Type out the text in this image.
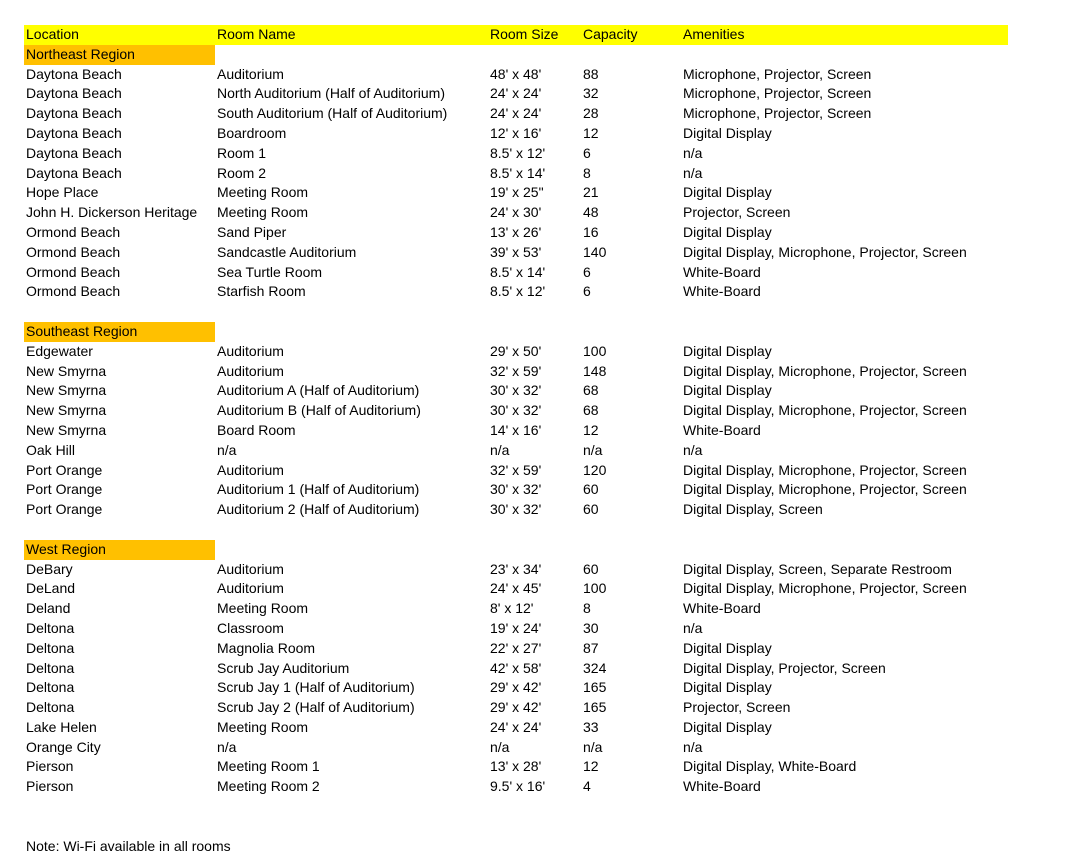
Location	Room Name	Room Size	Capacity	Amenities
Northeast Region
Daytona Beach	Auditorium	48' x 48'	88	Microphone, Projector, Screen
Daytona Beach	North Auditorium (Half of Auditorium)	24' x 24'	32	Microphone, Projector, Screen
Daytona Beach	South Auditorium (Half of Auditorium)	24' x 24'	28	Microphone, Projector, Screen
Daytona Beach	Boardroom	12' x 16'	12	Digital Display
Daytona Beach	Room 1	8.5' x 12'	6	n/a
Daytona Beach	Room 2	8.5' x 14'	8	n/a
Hope Place	Meeting Room	19' x 25"	21	Digital Display
John H. Dickerson Heritage	Meeting Room	24' x 30'	48	Projector, Screen
Ormond Beach	Sand Piper	13' x 26'	16	Digital Display
Ormond Beach	Sandcastle Auditorium	39' x 53'	140	Digital Display, Microphone, Projector, Screen
Ormond Beach	Sea Turtle Room	8.5' x 14'	6	White-Board
Ormond Beach	Starfish Room	8.5' x 12'	6	White-Board
Southeast Region
Edgewater	Auditorium	29' x 50'	100	Digital Display
New Smyrna	Auditorium	32' x 59'	148	Digital Display, Microphone, Projector, Screen
New Smyrna	Auditorium A (Half of Auditorium)	30' x 32'	68	Digital Display
New Smyrna	Auditorium B (Half of Auditorium)	30' x 32'	68	Digital Display, Microphone, Projector, Screen
New Smyrna	Board Room	14' x 16'	12	White-Board
Oak Hill	n/a	n/a	n/a	n/a
Port Orange	Auditorium	32' x 59'	120	Digital Display, Microphone, Projector, Screen
Port Orange	Auditorium 1 (Half of Auditorium)	30' x 32'	60	Digital Display, Microphone, Projector, Screen
Port Orange	Auditorium 2 (Half of Auditorium)	30' x 32'	60	Digital Display, Screen
West Region
DeBary	Auditorium	23' x 34'	60	Digital Display, Screen, Separate Restroom
DeLand	Auditorium	24' x 45'	100	Digital Display, Microphone, Projector, Screen
Deland	Meeting Room	8' x 12'	8	White-Board
Deltona	Classroom	19' x 24'	30	n/a
Deltona	Magnolia Room	22' x 27'	87	Digital Display
Deltona	Scrub Jay Auditorium	42' x 58'	324	Digital Display, Projector, Screen
Deltona	Scrub Jay 1 (Half of Auditorium)	29' x 42'	165	Digital Display
Deltona	Scrub Jay 2 (Half of Auditorium)	29' x 42'	165	Projector, Screen
Lake Helen	Meeting Room	24' x 24'	33	Digital Display
Orange City	n/a	n/a	n/a	n/a
Pierson	Meeting Room 1	13' x 28'	12	Digital Display, White-Board
Pierson	Meeting Room 2	9.5' x 16'	4	White-Board
Note: Wi-Fi available in all rooms
